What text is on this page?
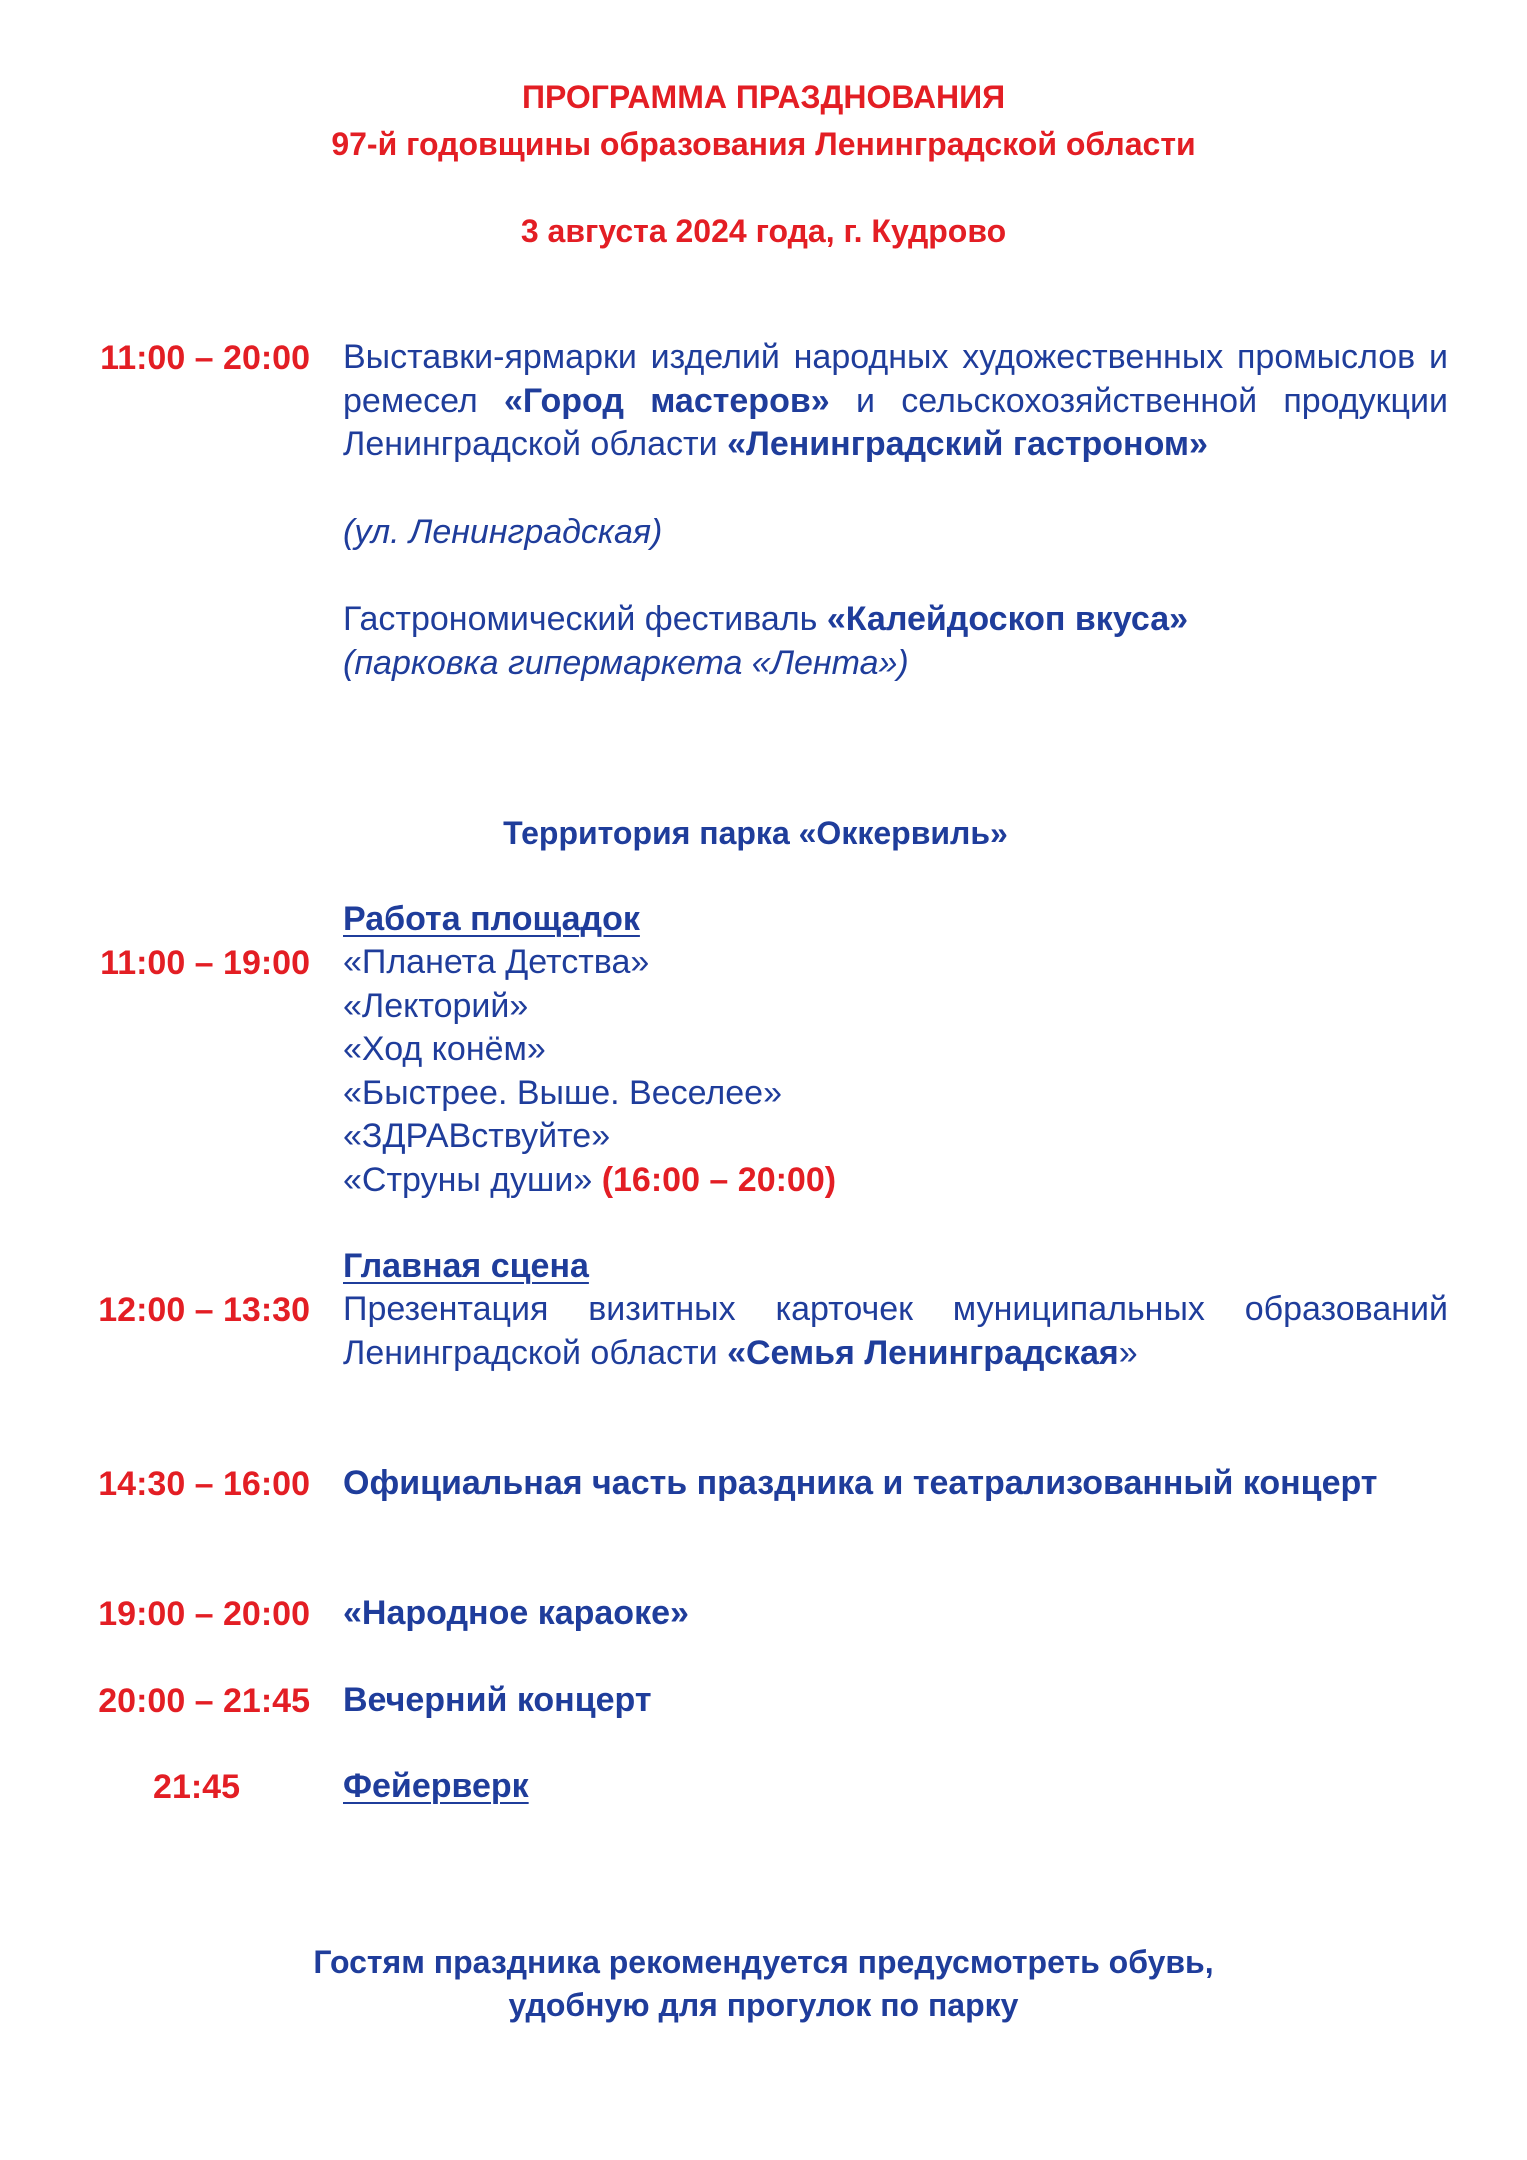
ПРОГРАММА ПРАЗДНОВАНИЯ
97-й годовщины образования Ленинградской области
3 августа 2024 года, г. Кудрово
11:00 – 20:00 Выставки-ярмарки изделий народных художественных промыслов и ремесел «Город мастеров» и сельскохозяйственной продукции Ленинградской области «Ленинградский гастроном»
(ул. Ленинградская)
Гастрономический фестиваль «Калейдоскоп вкуса»
(парковка гипермаркета «Лента»)
Территория парка «Оккервиль»
Работа площадок
11:00 – 19:00 «Планета Детства»
«Лекторий»
«Ход конём»
«Быстрее. Выше. Веселее»
«ЗДРАВствуйте»
«Струны души» (16:00 – 20:00)
Главная сцена
12:00 – 13:30 Презентация визитных карточек муниципальных образований Ленинградской области «Семья Ленинградская»
14:30 – 16:00 Официальная часть праздника и театрализованный концерт
19:00 – 20:00 «Народное караоке»
20:00 – 21:45 Вечерний концерт
21:45	Фейерверк
Гостям праздника рекомендуется предусмотреть обувь,
удобную для прогулок по парку
